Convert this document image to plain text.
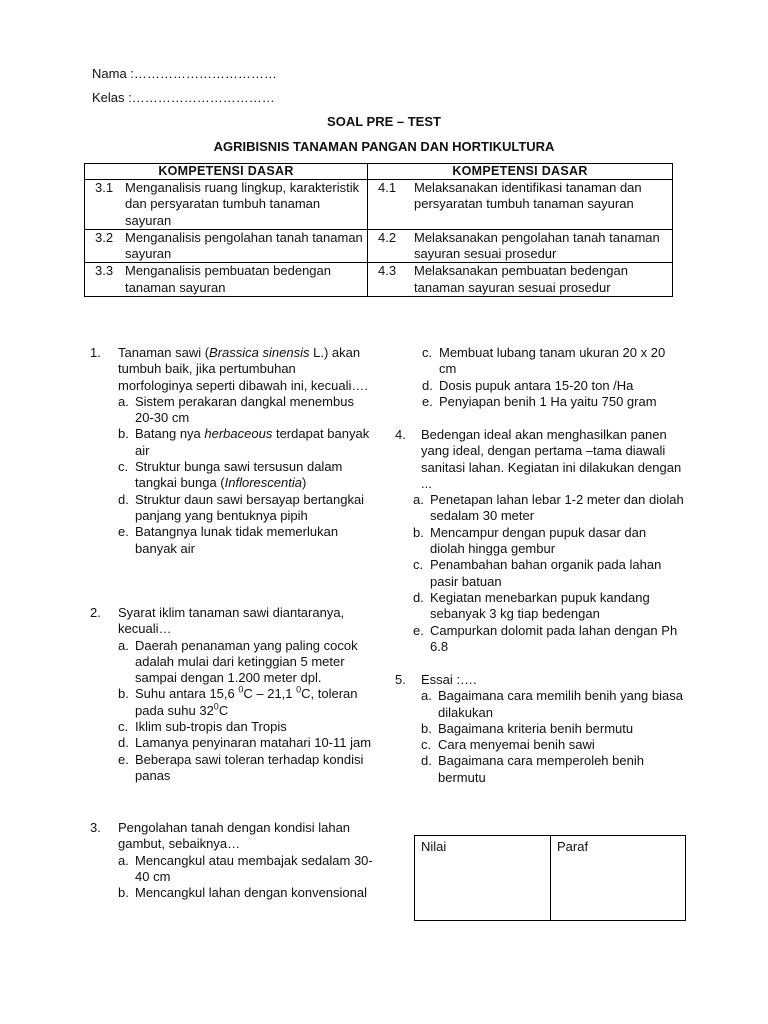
Nama :……………………………
Kelas :……………………………
SOAL PRE – TEST
AGRIBISNIS TANAMAN PANGAN DAN HORTIKULTURA
KOMPETENSI DASAR	KOMPETENSI DASAR

3.1 Menganalisis ruang lingkup, karakteristik dan persyaratan tumbuh tanaman sayuran	4.1 Melaksanakan identifikasi tanaman dan persyaratan tumbuh tanaman sayuran

3.2 Menganalisis pengolahan tanah tanaman sayuran	4.2 Melaksanakan pengolahan tanah tanaman sayuran sesuai prosedur

3.3 Menganalisis pembuatan bedengan tanaman sayuran	4.3 Melaksanakan pembuatan bedengan tanaman sayuran sesuai prosedur
1.	Tanaman sawi (Brassica sinensis L.) akan tumbuh baik, jika pertumbuhan morfologinya seperti dibawah ini, kecuali….
a. Sistem perakaran dangkal menembus 20-30 cm
b. Batang nya herbaceous terdapat banyak air
c. Struktur bunga sawi tersusun dalam tangkai bunga (Inflorescentia)
d. Struktur daun sawi bersayap bertangkai panjang yang bentuknya pipih
e. Batangnya lunak tidak memerlukan banyak air
2.	Syarat iklim tanaman sawi diantaranya, kecuali…
a. Daerah penanaman yang paling cocok adalah mulai dari ketinggian 5 meter sampai dengan 1.200 meter dpl.
b. Suhu antara 15,6 $^0$C – 21,1 $^0$C, toleran pada suhu $32^0C$
c. Iklim sub-tropis dan Tropis
d. Lamanya penyinaran matahari 10-11 jam
e. Beberapa sawi toleran terhadap kondisi panas
3.	Pengolahan tanah dengan kondisi lahan gambut, sebaiknya…
a. Mencangkul atau membajak sedalam 30-40 cm
b. Mencangkul lahan dengan konvensional
c. Membuat lubang tanam ukuran 20 x 20 cm
d. Dosis pupuk antara 15-20 ton /Ha
e. Penyiapan benih 1 Ha yaitu 750 gram
4.	Bedengan ideal akan menghasilkan panen yang ideal, dengan pertama –tama diawali sanitasi lahan. Kegiatan ini dilakukan dengan ...
a. Penetapan lahan lebar 1-2 meter dan diolah sedalam 30 meter
b. Mencampur dengan pupuk dasar dan diolah hingga gembur
c. Penambahan bahan organik pada lahan pasir batuan
d. Kegiatan menebarkan pupuk kandang sebanyak 3 kg tiap bedengan
e. Campurkan dolomit pada lahan dengan Ph 6.8
5.	Essai :….
a. Bagaimana cara memilih benih yang biasa dilakukan
b. Bagaimana kriteria benih bermutu
c. Cara menyemai benih sawi
d. Bagaimana cara memperoleh benih bermutu
Nilai	Paraf
